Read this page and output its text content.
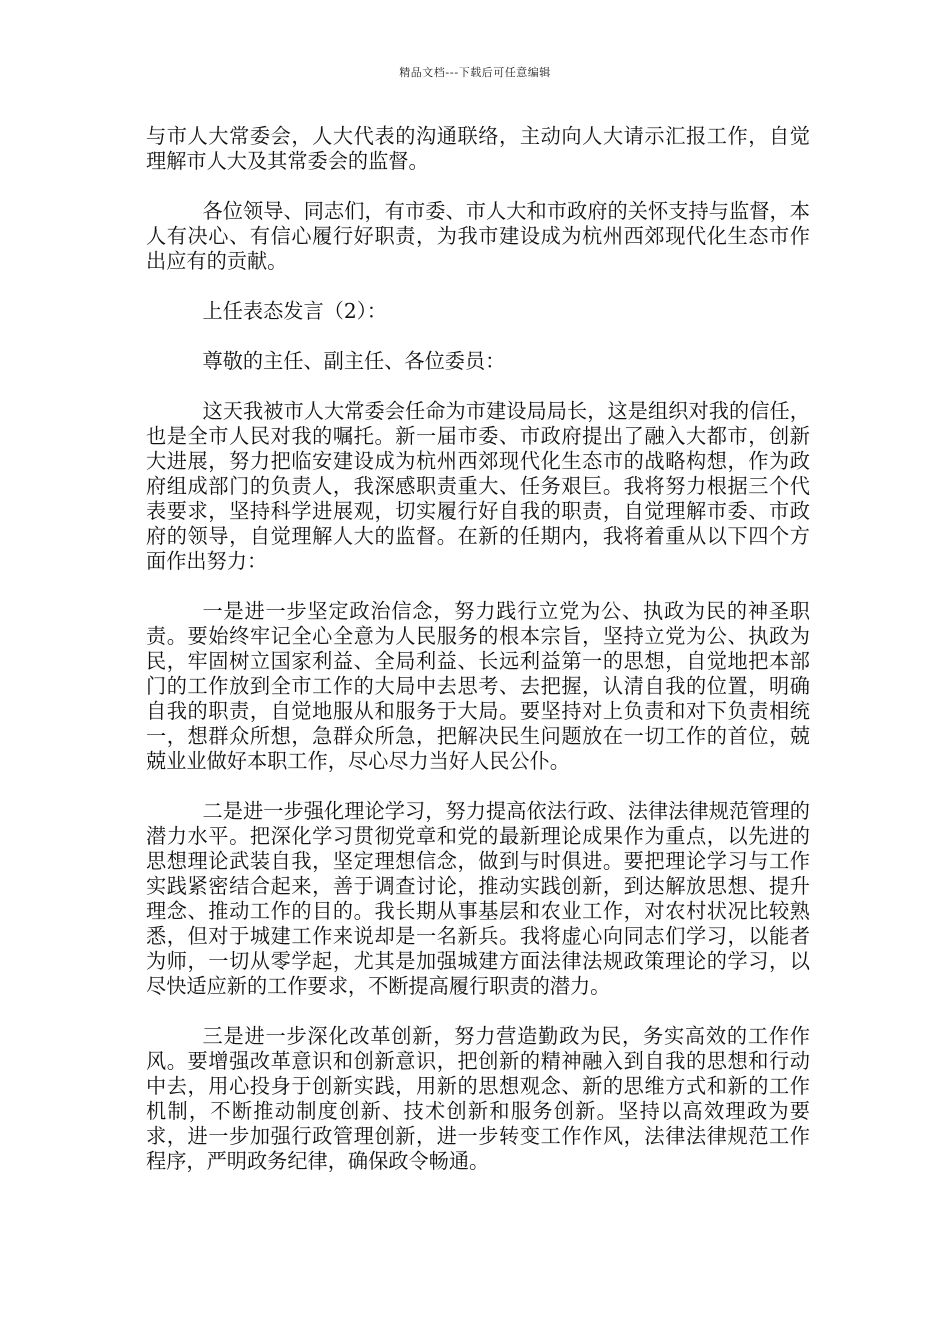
精品文档---下载后可任意编辑

与市人大常委会，人大代表的沟通联络，主动向人大请示汇报工作，自觉理解市人大及其常委会的监督。

各位领导、同志们，有市委、市人大和市政府的关怀支持与监督，本人有决心、有信心履行好职责，为我市建设成为杭州西郊现代化生态市作出应有的贡献。

上任表态发言（2）：

尊敬的主任、副主任、各位委员：

这天我被市人大常委会任命为市建设局局长，这是组织对我的信任，也是全市人民对我的嘱托。新一届市委、市政府提出了融入大都市，创新大进展，努力把临安建设成为杭州西郊现代化生态市的战略构想，作为政府组成部门的负责人，我深感职责重大、任务艰巨。我将努力根据三个代表要求，坚持科学进展观，切实履行好自我的职责，自觉理解市委、市政府的领导，自觉理解人大的监督。在新的任期内，我将着重从以下四个方面作出努力：

一是进一步坚定政治信念，努力践行立党为公、执政为民的神圣职责。要始终牢记全心全意为人民服务的根本宗旨，坚持立党为公、执政为民，牢固树立国家利益、全局利益、长远利益第一的思想，自觉地把本部门的工作放到全市工作的大局中去思考、去把握，认清自我的位置，明确自我的职责，自觉地服从和服务于大局。要坚持对上负责和对下负责相统一，想群众所想，急群众所急，把解决民生问题放在一切工作的首位，兢兢业业做好本职工作，尽心尽力当好人民公仆。

二是进一步强化理论学习，努力提高依法行政、法律法律规范管理的潜力水平。把深化学习贯彻党章和党的最新理论成果作为重点，以先进的思想理论武装自我，坚定理想信念，做到与时俱进。要把理论学习与工作实践紧密结合起来，善于调查讨论，推动实践创新，到达解放思想、提升理念、推动工作的目的。我长期从事基层和农业工作，对农村状况比较熟悉，但对于城建工作来说却是一名新兵。我将虚心向同志们学习，以能者为师，一切从零学起，尤其是加强城建方面法律法规政策理论的学习，以尽快适应新的工作要求，不断提高履行职责的潜力。

三是进一步深化改革创新，努力营造勤政为民，务实高效的工作作风。要增强改革意识和创新意识，把创新的精神融入到自我的思想和行动中去，用心投身于创新实践，用新的思想观念、新的思维方式和新的工作机制，不断推动制度创新、技术创新和服务创新。坚持以高效理政为要求，进一步加强行政管理创新，进一步转变工作作风，法律法律规范工作程序，严明政务纪律，确保政令畅通。
